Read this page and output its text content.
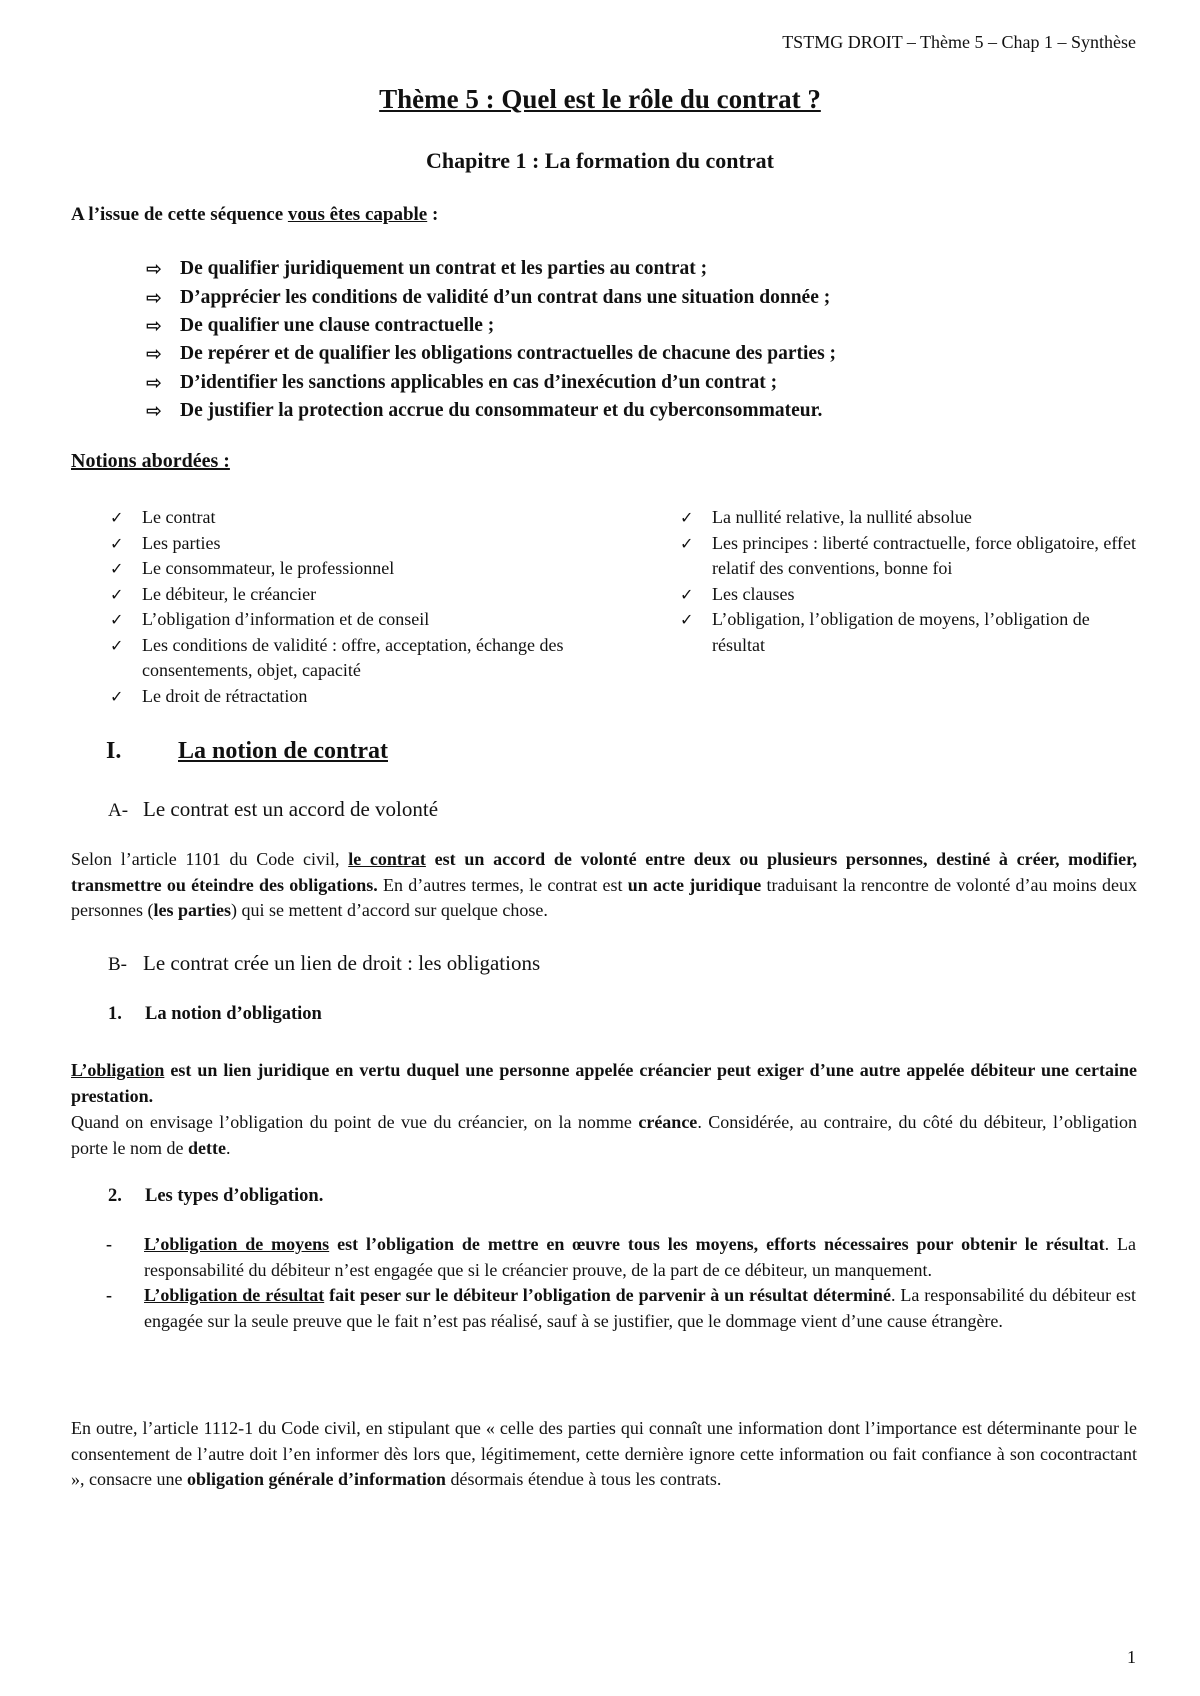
TSTMG DROIT – Thème 5 – Chap 1 – Synthèse
Thème 5 : Quel est le rôle du contrat ?
Chapitre 1 : La formation du contrat
A l’issue de cette séquence vous êtes capable :
⇨ De qualifier juridiquement un contrat et les parties au contrat ;
⇨ D’apprécier les conditions de validité d’un contrat dans une situation donnée ;
⇨ De qualifier une clause contractuelle ;
⇨ De repérer et de qualifier les obligations contractuelles de chacune des parties ;
⇨ D’identifier les sanctions applicables en cas d’inexécution d’un contrat ;
⇨ De justifier la protection accrue du consommateur et du cyberconsommateur.
Notions abordées :
✓	Le contrat
✓	Les parties
✓	Le consommateur, le professionnel
✓	Le débiteur, le créancier
✓	L’obligation d’information et de conseil
✓	Les conditions de validité : offre, acceptation, échange des consentements, objet, capacité
✓	Le droit de rétractation
✓	La nullité relative, la nullité absolue
✓	Les principes : liberté contractuelle, force obligatoire, effet relatif des conventions, bonne foi
✓	Les clauses
✓	L’obligation, l’obligation de moyens, l’obligation de résultat
I. La notion de contrat
A- Le contrat est un accord de volonté

Selon l’article 1101 du Code civil, le contrat est un accord de volonté entre deux ou plusieurs personnes, destiné à créer, modifier, transmettre ou éteindre des obligations. En d’autres termes, le contrat est un acte juridique traduisant la rencontre de volonté d’au moins deux personnes (les parties) qui se mettent d’accord sur quelque chose.

B- Le contrat crée un lien de droit : les obligations
1. La notion d’obligation

L’obligation est un lien juridique en vertu duquel une personne appelée créancier peut exiger d’une autre appelée débiteur une certaine prestation.

Quand on envisage l’obligation du point de vue du créancier, on la nomme créance. Considérée, au contraire, du côté du débiteur, l’obligation porte le nom de dette.

2. Les types d’obligation.
-	L’obligation de moyens est l’obligation de mettre en œuvre tous les moyens, efforts nécessaires pour obtenir le résultat. La responsabilité du débiteur n’est engagée que si le créancier prouve, de la part de ce débiteur, un manquement.
-	L’obligation de résultat fait peser sur le débiteur l’obligation de parvenir à un résultat déterminé. La responsabilité du débiteur est engagée sur la seule preuve que le fait n’est pas réalisé, sauf à se justifier, que le dommage vient d’une cause étrangère.

En outre, l’article 1112-1 du Code civil, en stipulant que « celle des parties qui connaît une information dont l’importance est déterminante pour le consentement de l’autre doit l’en informer dès lors que, légitimement, cette dernière ignore cette information ou fait confiance à son cocontractant », consacre une obligation générale d’information désormais étendue à tous les contrats.

1
